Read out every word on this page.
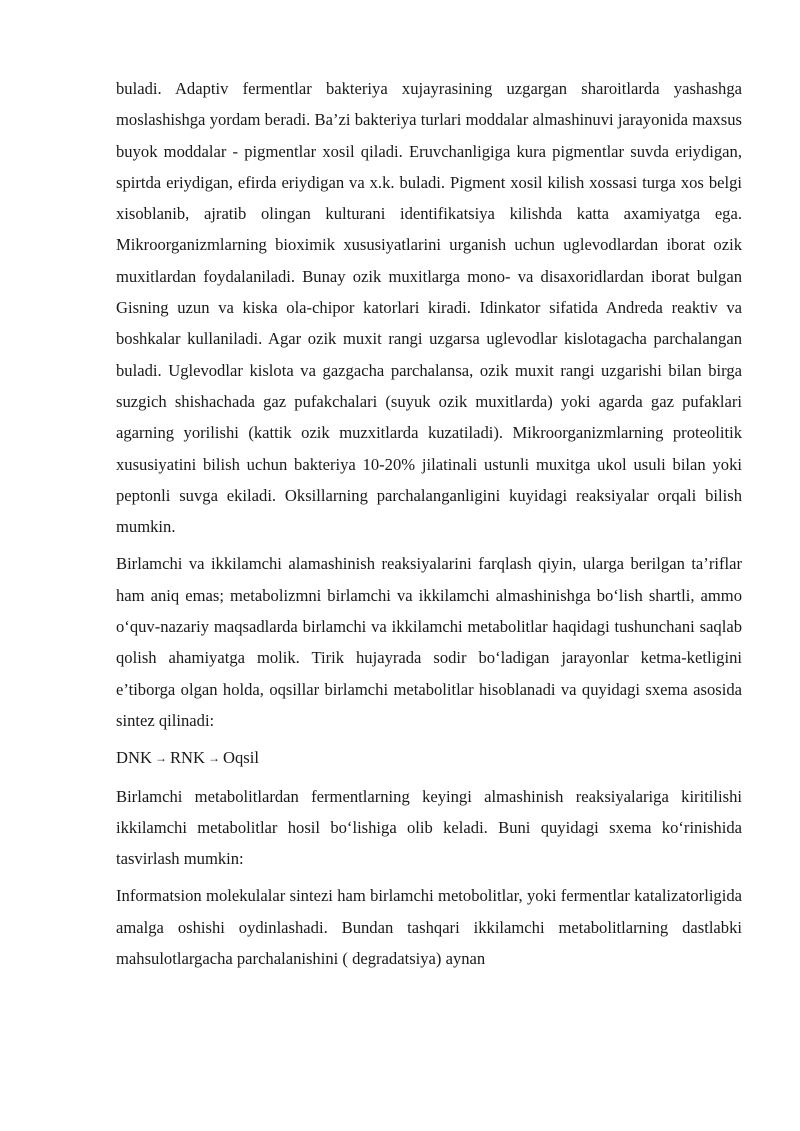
buladi. Adaptiv fermentlar bakteriya xujayrasining uzgargan sharoitlarda yashashga moslashishga yordam beradi. Ba’zi bakteriya turlari moddalar almashinuvi jarayonida maxsus buyok moddalar - pigmentlar xosil qiladi. Eruvchanligiga kura pigmentlar suvda eriydigan, spirtda eriydigan, efirda eriydigan va x.k. buladi. Pigment xosil kilish xossasi turga xos belgi xisoblanib, ajratib olingan kulturani identifikatsiya kilishda katta axamiyatga ega. Mikroorganizmlarning bioximik xususiyatlarini urganish uchun uglevodlardan iborat ozik muxitlardan foydalaniladi. Bunay ozik muxitlarga mono- va disaxoridlardan iborat bulgan Gisning uzun va kiska ola-chipor katorlari kiradi. Idinkator sifatida Andreda reaktiv va boshkalar kullaniladi. Agar ozik muxit rangi uzgarsa uglevodlar kislotagacha parchalangan buladi. Uglevodlar kislota va gazgacha parchalansa, ozik muxit rangi uzgarishi bilan birga suzgich shishachada gaz pufakchalari (suyuk ozik muxitlarda) yoki agarda gaz pufaklari agarning yorilishi (kattik ozik muzxitlarda kuzatiladi). Mikroorganizmlarning proteolitik xususiyatini bilish uchun bakteriya 10-20% jilatinali ustunli muxitga ukol usuli bilan yoki peptonli suvga ekiladi. Oksillarning parchalanganligini kuyidagi reaksiyalar orqali bilish mumkin.

Birlamchi va ikkilamchi alamashinish reaksiyalarini farqlash qiyin, ularga berilgan ta’riflar ham aniq emas; metabolizmni birlamchi va ikkilamchi almashinishga bo‘lish shartli, ammo o‘quv-nazariy maqsadlarda birlamchi va ikkilamchi metabolitlar haqidagi tushunchani saqlab qolish ahamiyatga molik. Tirik hujayrada sodir bo‘ladigan jarayonlar ketma-ketligini e’tiborga olgan holda, oqsillar birlamchi metabolitlar hisoblanadi va quyidagi sxema asosida sintez qilinadi:

DNK → RNK → Oqsil

Birlamchi metabolitlardan fermentlarning keyingi almashinish reaksiyalariga kiritilishi ikkilamchi metabolitlar hosil bo‘lishiga olib keladi. Buni quyidagi sxema ko‘rinishida tasvirlash mumkin:

Informatsion molekulalar sintezi ham birlamchi metobolitlar, yoki fermentlar katalizatorligida amalga oshishi oydinlashadi. Bundan tashqari ikkilamchi metabolitlarning dastlabki mahsulotlargacha parchalanishini ( degradatsiya) aynan
